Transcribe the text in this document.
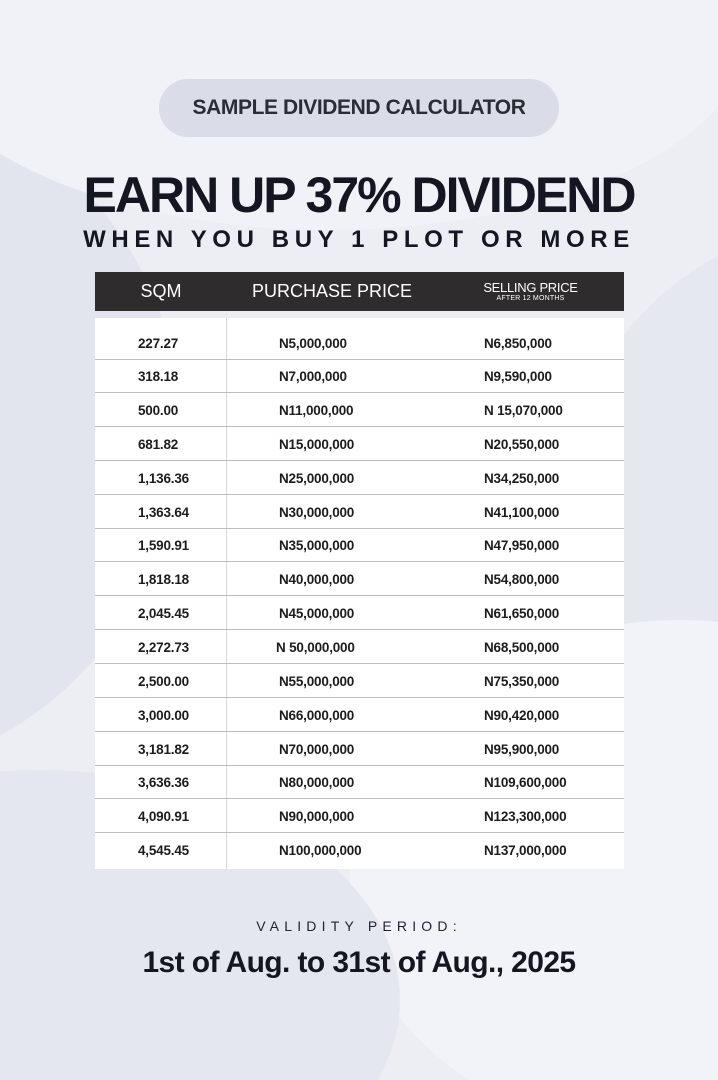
SAMPLE DIVIDEND CALCULATOR
EARN UP 37% DIVIDEND
WHEN YOU BUY 1 PLOT OR MORE
SQM	PURCHASE PRICE	SELLING PRICE
AFTER 12 MONTHS
227.27	N5,000,000	N6,850,000
318.18	N7,000,000	N9,590,000
500.00	N11,000,000	N 15,070,000
681.82	N15,000,000	N20,550,000
1,136.36	N25,000,000	N34,250,000
1,363.64	N30,000,000	N41,100,000
1,590.91	N35,000,000	N47,950,000
1,818.18	N40,000,000	N54,800,000
2,045.45	N45,000,000	N61,650,000
2,272.73	N 50,000,000	N68,500,000
2,500.00	N55,000,000	N75,350,000
3,000.00	N66,000,000	N90,420,000
3,181.82	N70,000,000	N95,900,000
3,636.36	N80,000,000	N109,600,000
4,090.91	N90,000,000	N123,300,000
4,545.45	N100,000,000	N137,000,000
VALIDITY PERIOD:
1st of Aug. to 31st of Aug., 2025
